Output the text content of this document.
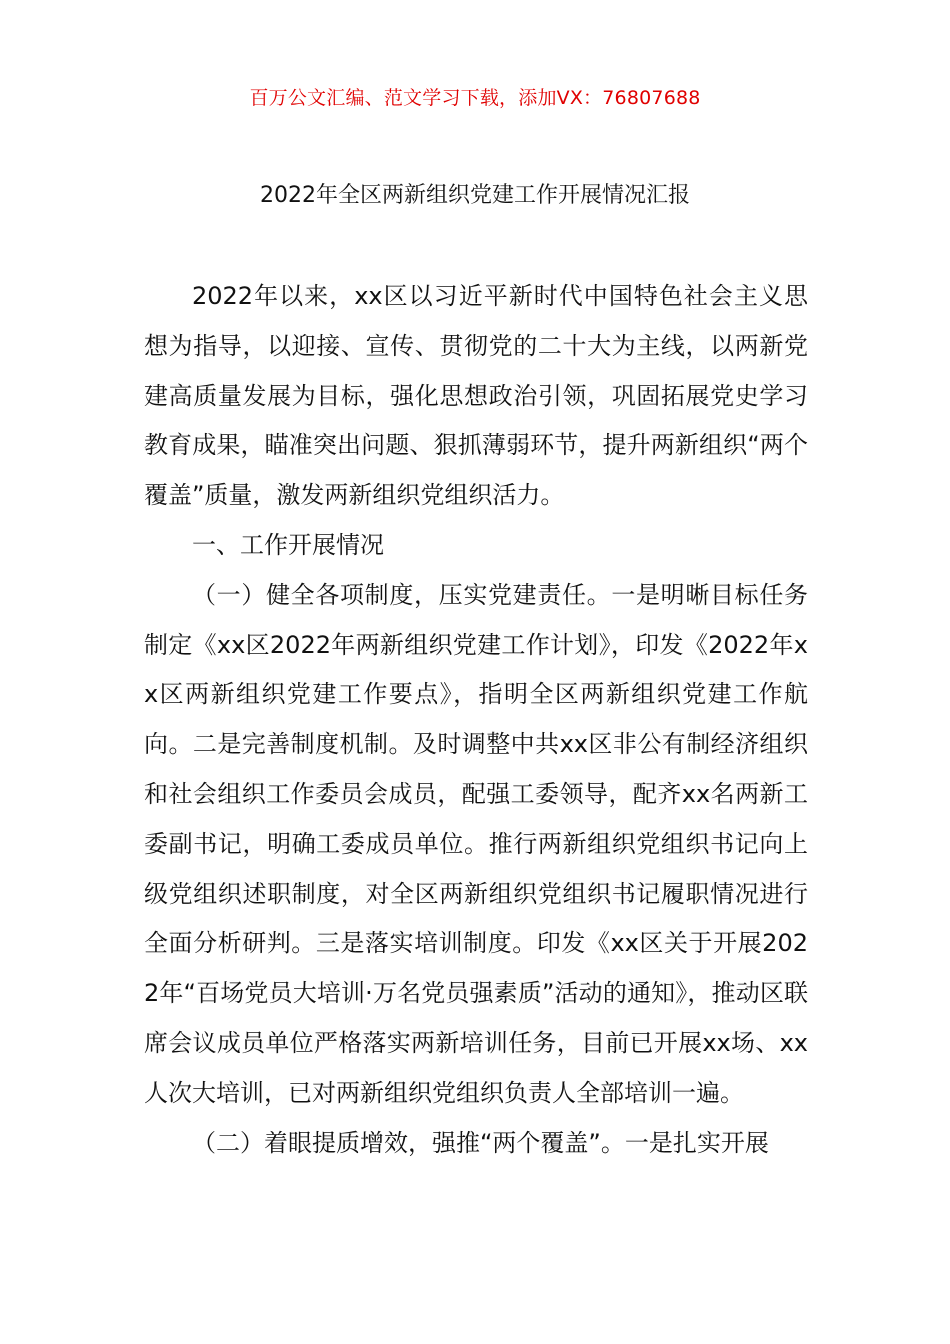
百万公文汇编、范文学习下载，添加VX：76807688
2022年全区两新组织党建工作开展情况汇报

2022年以来，xx区以习近平新时代中国特色社会主义思想为指导，以迎接、宣传、贯彻党的二十大为主线，以两新党建高质量发展为目标，强化思想政治引领，巩固拓展党史学习教育成果，瞄准突出问题、狠抓薄弱环节，提升两新组织“两个覆盖”质量，激发两新组织党组织活力。

一、工作开展情况

（一）健全各项制度，压实党建责任。一是明晰目标任务制定《xx区2022年两新组织党建工作计划》，印发《2022年xx区两新组织党建工作要点》，指明全区两新组织党建工作航向。二是完善制度机制。及时调整中共xx区非公有制经济组织和社会组织工作委员会成员，配强工委领导，配齐xx名两新工委副书记，明确工委成员单位。推行两新组织党组织书记向上级党组织述职制度，对全区两新组织党组织书记履职情况进行全面分析研判。三是落实培训制度。印发《xx区关于开展2022年“百场党员大培训·万名党员强素质”活动的通知》，推动区联席会议成员单位严格落实两新培训任务，目前已开展xx场、xx人次大培训，已对两新组织党组织负责人全部培训一遍。

（二）着眼提质增效，强推“两个覆盖”。一是扎实开展
